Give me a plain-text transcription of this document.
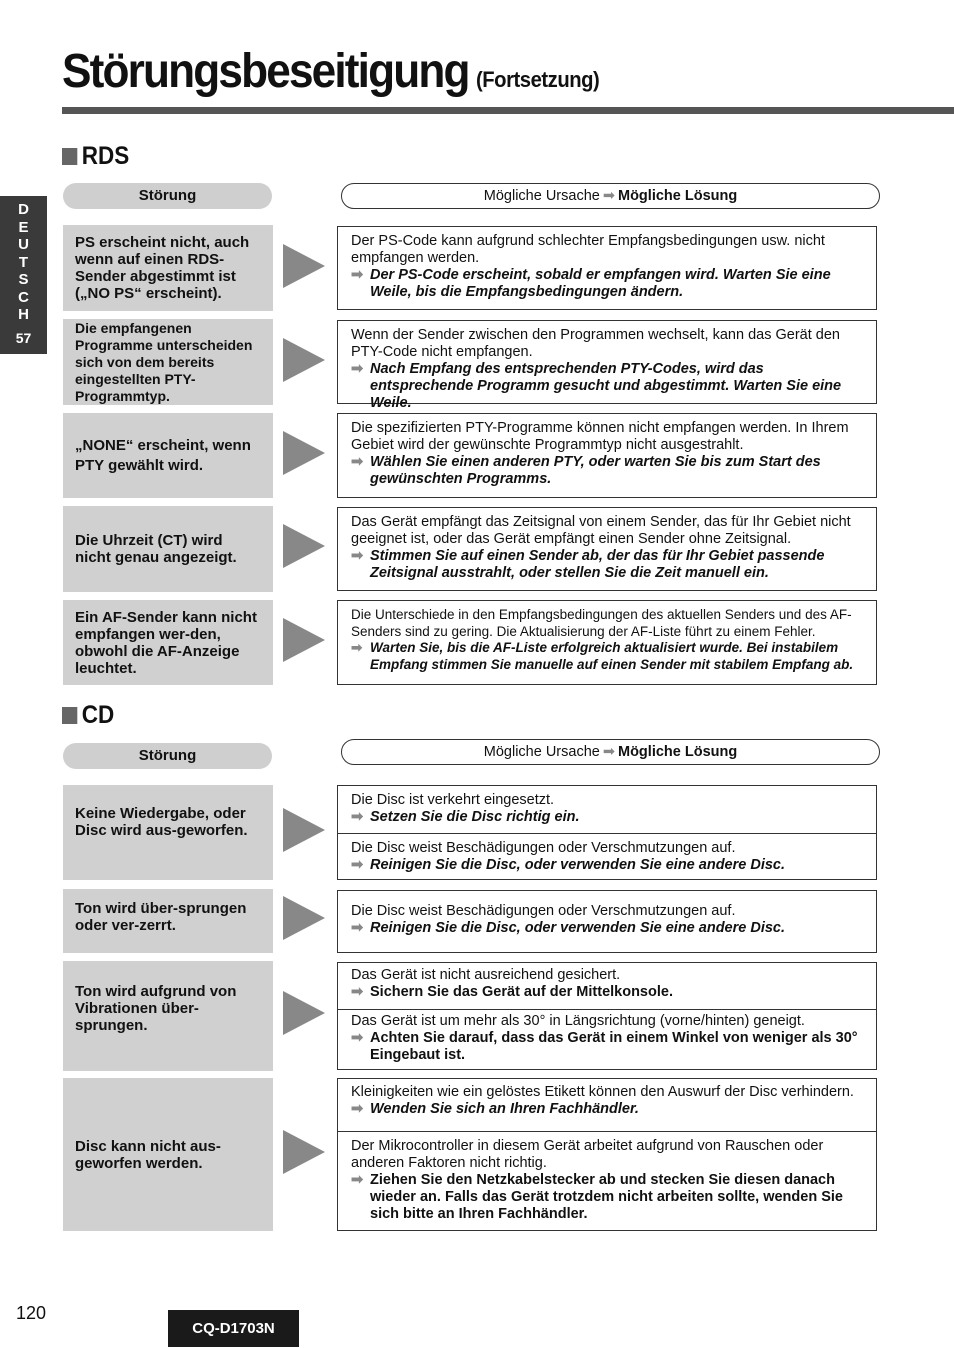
Störungsbeseitigung (Fortsetzung)
D
E
U
T
S
C
H
57
RDS
Störung	Mögliche Ursache ➡ Mögliche Lösung
PS erscheint nicht, auch wenn auf einen RDS-Sender abgestimmt ist („NO PS“ erscheint).
Der PS-Code kann aufgrund schlechter Empfangsbedingungen usw. nicht empfangen werden.
➡ Der PS-Code erscheint, sobald er empfangen wird. Warten Sie eine Weile, bis die Empfangsbedingungen ändern.
Die empfangenen Programme unterscheiden sich von dem bereits eingestellten PTY-Programmtyp.
Wenn der Sender zwischen den Programmen wechselt, kann das Gerät den PTY-Code nicht empfangen.
➡ Nach Empfang des entsprechenden PTY-Codes, wird das entsprechende Programm gesucht und abgestimmt. Warten Sie eine Weile.
„NONE“ erscheint, wenn PTY gewählt wird.
Die spezifizierten PTY-Programme können nicht empfangen werden. In Ihrem Gebiet wird der gewünschte Programmtyp nicht ausgestrahlt.
➡ Wählen Sie einen anderen PTY, oder warten Sie bis zum Start des gewünschten Programms.
Die Uhrzeit (CT) wird nicht genau angezeigt.
Das Gerät empfängt das Zeitsignal von einem Sender, das für Ihr Gebiet nicht geeignet ist, oder das Gerät empfängt einen Sender ohne Zeitsignal.
➡ Stimmen Sie auf einen Sender ab, der das für Ihr Gebiet passende Zeitsignal ausstrahlt, oder stellen Sie die Zeit manuell ein.
Ein AF-Sender kann nicht empfangen wer-den, obwohl die AF-Anzeige leuchtet.
Die Unterschiede in den Empfangsbedingungen des aktuellen Senders und des AF-Senders sind zu gering. Die Aktualisierung der AF-Liste führt zu einem Fehler.
➡ Warten Sie, bis die AF-Liste erfolgreich aktualisiert wurde. Bei instabilem Empfang stimmen Sie manuelle auf einen Sender mit stabilem Empfang ab.
CD
Störung	Mögliche Ursache ➡ Mögliche Lösung
Keine Wiedergabe, oder Disc wird aus-geworfen.
Die Disc ist verkehrt eingesetzt.
➡ Setzen Sie die Disc richtig ein.
Die Disc weist Beschädigungen oder Verschmutzungen auf.
➡ Reinigen Sie die Disc, oder verwenden Sie eine andere Disc.
Ton wird über-sprungen oder ver-zerrt.
Die Disc weist Beschädigungen oder Verschmutzungen auf.
➡ Reinigen Sie die Disc, oder verwenden Sie eine andere Disc.
Ton wird aufgrund von Vibrationen über-sprungen.
Das Gerät ist nicht ausreichend gesichert.
➡ Sichern Sie das Gerät auf der Mittelkonsole.
Das Gerät ist um mehr als 30° in Längsrichtung (vorne/hinten) geneigt.
➡ Achten Sie darauf, dass das Gerät in einem Winkel von weniger als 30° Eingebaut ist.
Disc kann nicht aus-geworfen werden.
Kleinigkeiten wie ein gelöstes Etikett können den Auswurf der Disc verhindern.
➡ Wenden Sie sich an Ihren Fachhändler.
Der Mikrocontroller in diesem Gerät arbeitet aufgrund von Rauschen oder anderen Faktoren nicht richtig.
➡ Ziehen Sie den Netzkabelstecker ab und stecken Sie diesen danach wieder an. Falls das Gerät trotzdem nicht arbeiten sollte, wenden Sie sich bitte an Ihren Fachhändler.
120
CQ-D1703N
